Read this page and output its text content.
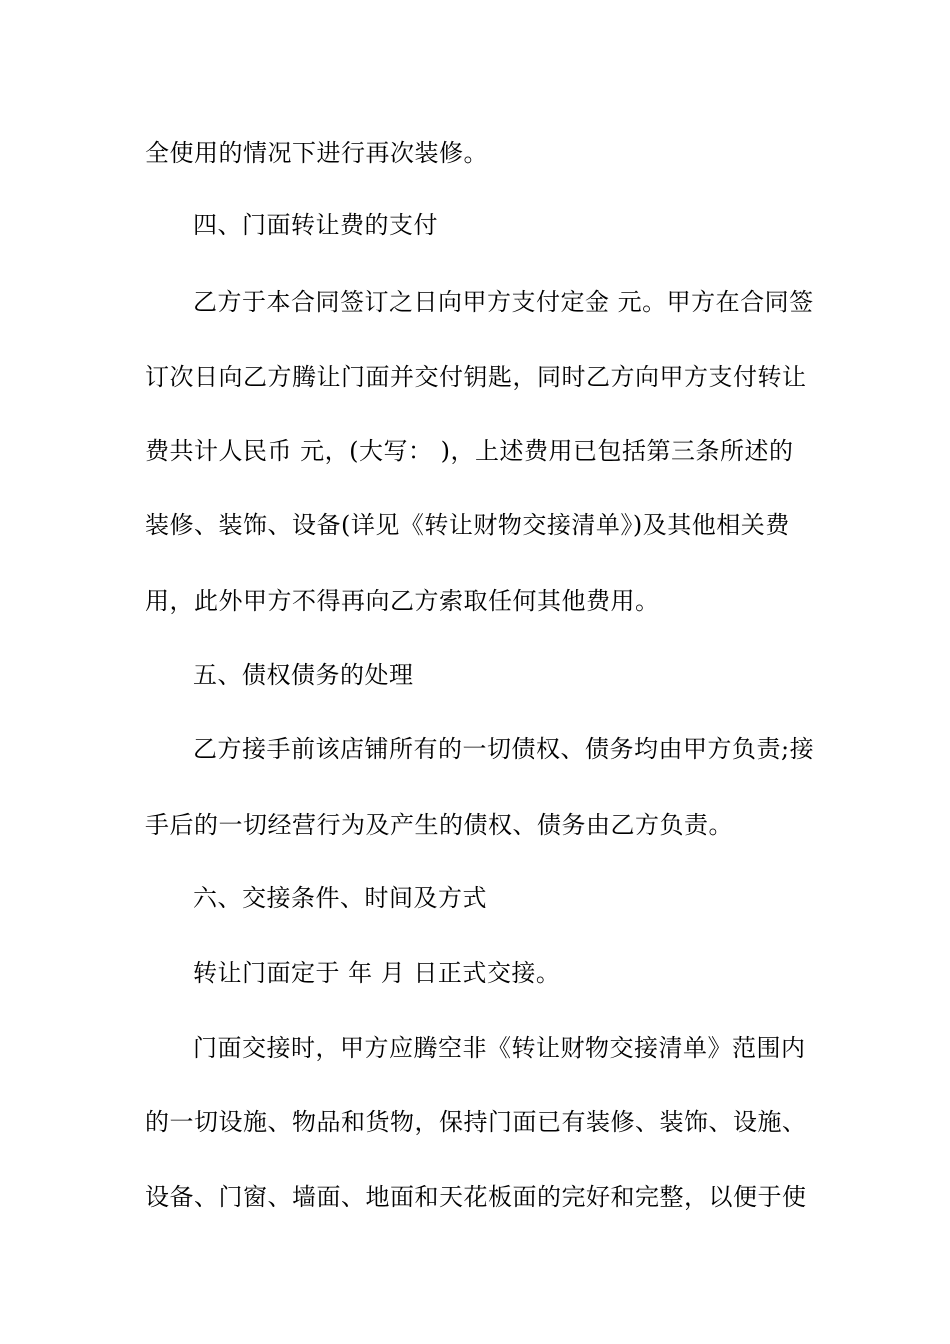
全使用的情况下进行再次装修。
四、门面转让费的支付
乙方于本合同签订之日向甲方支付定金 元。甲方在合同签
订次日向乙方腾让门面并交付钥匙，同时乙方向甲方支付转让
费共计人民币 元，(大写： )，上述费用已包括第三条所述的
装修、装饰、设备(详见《转让财物交接清单》)及其他相关费
用，此外甲方不得再向乙方索取任何其他费用。
五、债权债务的处理
乙方接手前该店铺所有的一切债权、债务均由甲方负责;接
手后的一切经营行为及产生的债权、债务由乙方负责。
六、交接条件、时间及方式
转让门面定于 年 月 日正式交接。
门面交接时，甲方应腾空非《转让财物交接清单》范围内
的一切设施、物品和货物，保持门面已有装修、装饰、设施、
设备、门窗、墙面、地面和天花板面的完好和完整，以便于使
